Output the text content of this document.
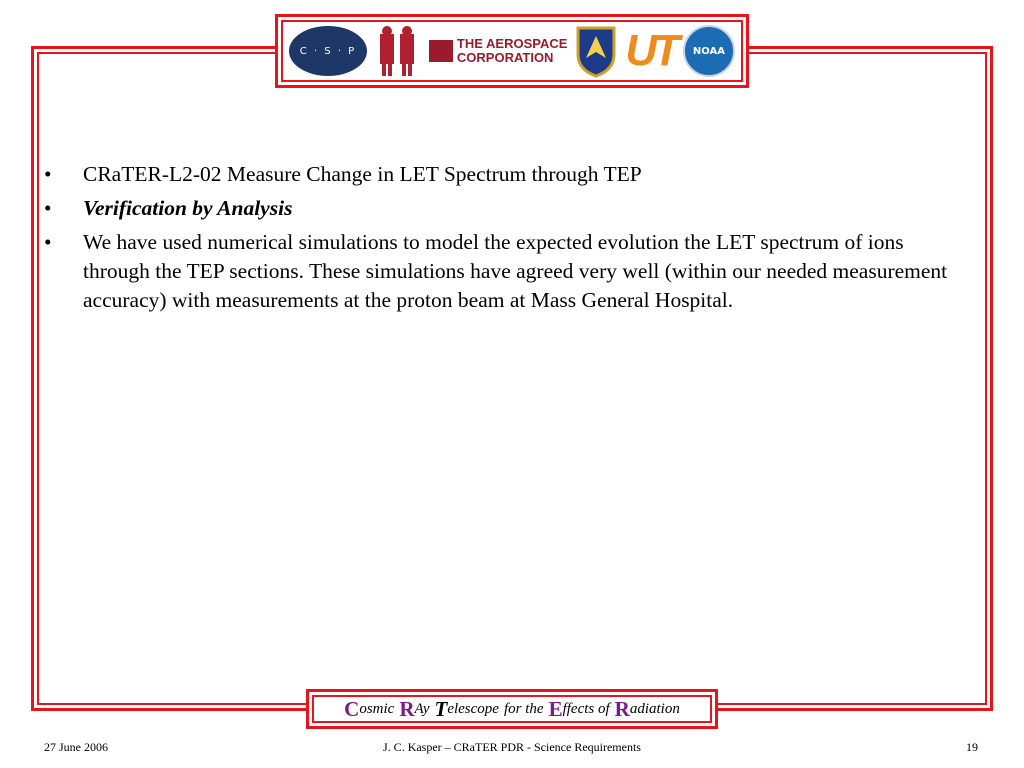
C · S · P	THE AEROSPACE
CORPORATION	UT NOAA
•	CRaTER-L2-02 Measure Change in LET Spectrum through TEP
•	Verification by Analysis
•	We have used numerical simulations to model the expected evolution the LET spectrum of ions through the TEP sections. These simulations have agreed very well (within our needed measurement accuracy) with measurements at the proton beam at Mass General Hospital.
C osmic R Ay T elescope for the E ffects of R adiation
27 June 2006	J. C. Kasper – CRaTER PDR - Science Requirements	19
